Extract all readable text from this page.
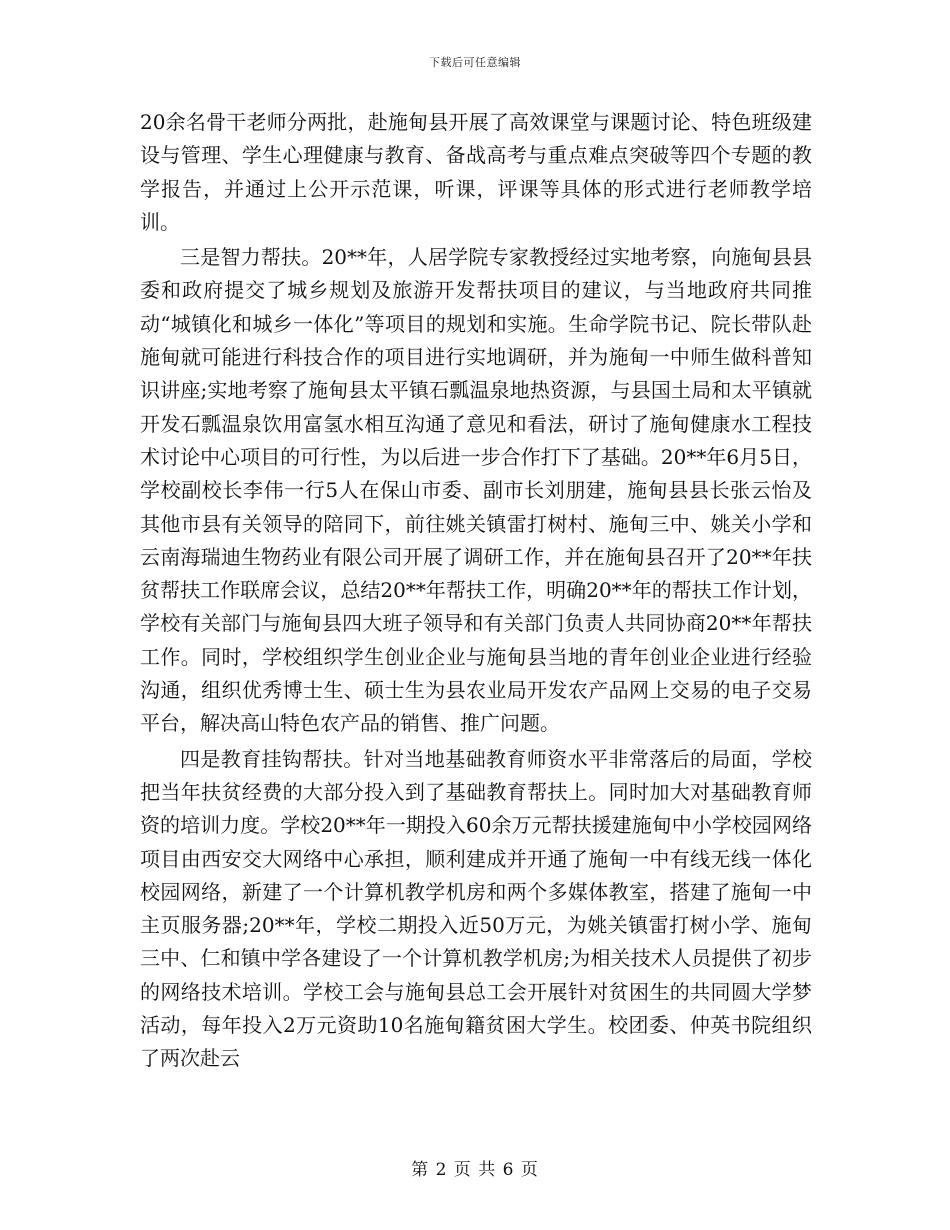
下载后可任意编辑

20余名骨干老师分两批，赴施甸县开展了高效课堂与课题讨论、特色班级建设与管理、学生心理健康与教育、备战高考与重点难点突破等四个专题的教学报告，并通过上公开示范课，听课，评课等具体的形式进行老师教学培训。

三是智力帮扶。20**年，人居学院专家教授经过实地考察，向施甸县县委和政府提交了城乡规划及旅游开发帮扶项目的建议，与当地政府共同推动“城镇化和城乡一体化”等项目的规划和实施。生命学院书记、院长带队赴施甸就可能进行科技合作的项目进行实地调研，并为施甸一中师生做科普知识讲座;实地考察了施甸县太平镇石瓢温泉地热资源，与县国土局和太平镇就开发石瓢温泉饮用富氢水相互沟通了意见和看法，研讨了施甸健康水工程技术讨论中心项目的可行性，为以后进一步合作打下了基础。20**年6月5日，学校副校长李伟一行5人在保山市委、副市长刘朋建，施甸县县长张云怡及其他市县有关领导的陪同下，前往姚关镇雷打树村、施甸三中、姚关小学和云南海瑞迪生物药业有限公司开展了调研工作，并在施甸县召开了20**年扶贫帮扶工作联席会议，总结20**年帮扶工作，明确20**年的帮扶工作计划，学校有关部门与施甸县四大班子领导和有关部门负责人共同协商20**年帮扶工作。同时，学校组织学生创业企业与施甸县当地的青年创业企业进行经验沟通，组织优秀博士生、硕士生为县农业局开发农产品网上交易的电子交易平台，解决高山特色农产品的销售、推广问题。

四是教育挂钩帮扶。针对当地基础教育师资水平非常落后的局面，学校把当年扶贫经费的大部分投入到了基础教育帮扶上。同时加大对基础教育师资的培训力度。学校20**年一期投入60余万元帮扶援建施甸中小学校园网络项目由西安交大网络中心承担，顺利建成并开通了施甸一中有线无线一体化校园网络，新建了一个计算机教学机房和两个多媒体教室，搭建了施甸一中主页服务器;20**年，学校二期投入近50万元，为姚关镇雷打树小学、施甸三中、仁和镇中学各建设了一个计算机教学机房;为相关技术人员提供了初步的网络技术培训。学校工会与施甸县总工会开展针对贫困生的共同圆大学梦活动，每年投入2万元资助10名施甸籍贫困大学生。校团委、仲英书院组织了两次赴云

第 2 页 共 6 页
